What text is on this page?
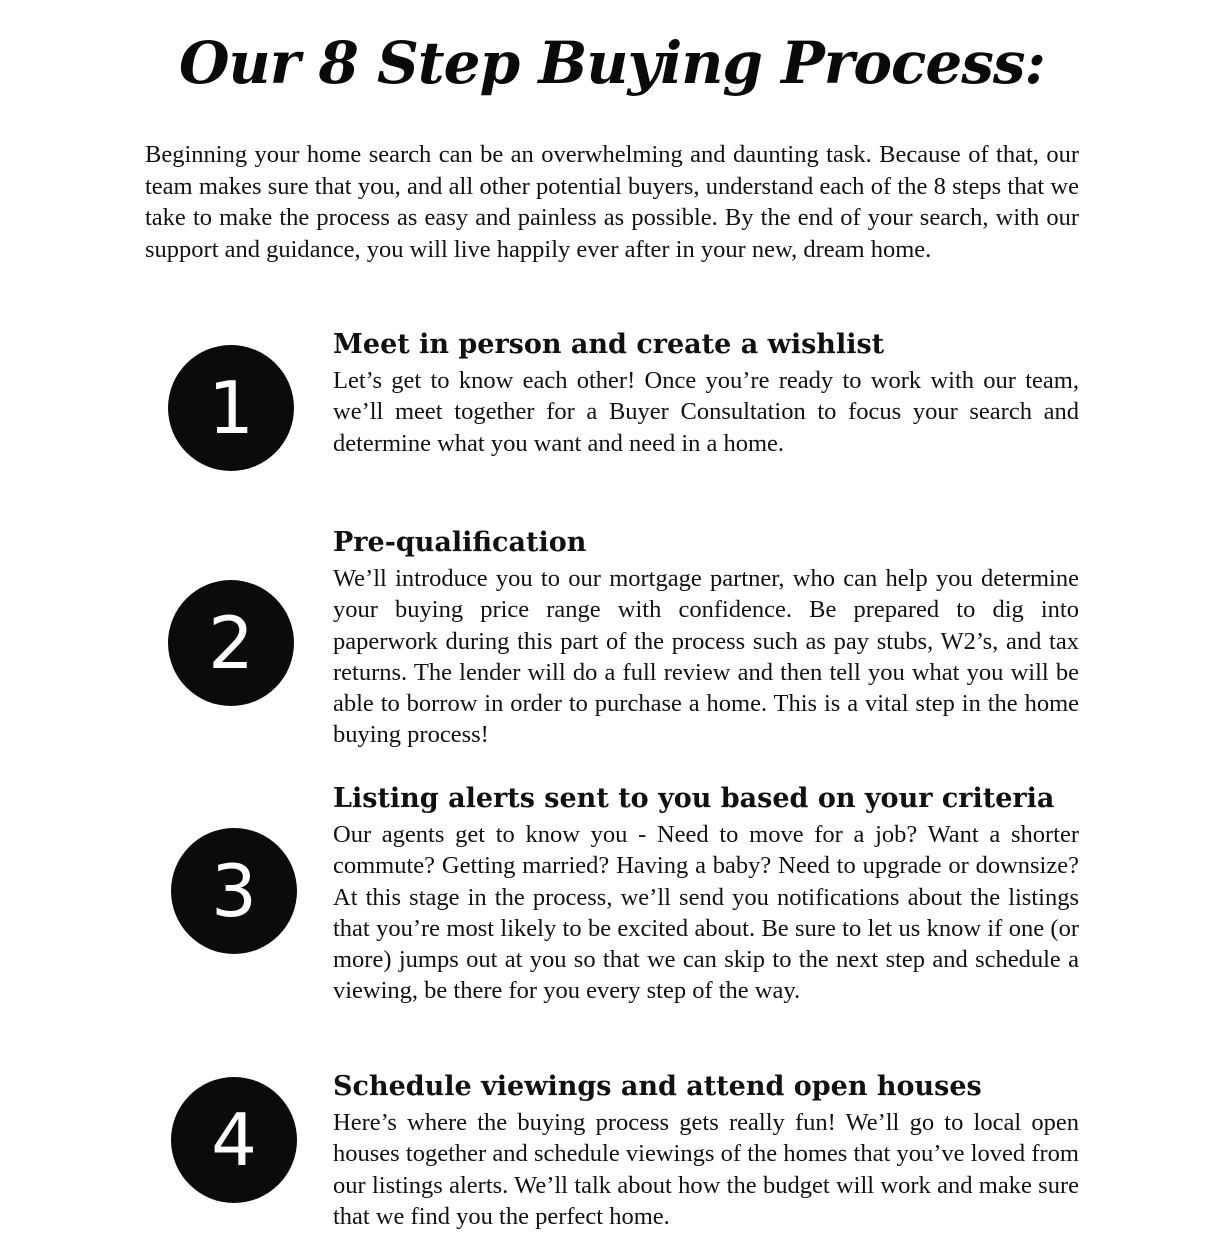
Our 8 Step Buying Process:

Beginning your home search can be an overwhelming and daunting task. Because of that, our team makes sure that you, and all other potential buyers, understand each of the 8 steps that we take to make the process as easy and painless as possible. By the end of your search, with our support and guidance, you will live happily ever after in your new, dream home.

1
Meet in person and create a wishlist

Let’s get to know each other! Once you’re ready to work with our team, we’ll meet together for a Buyer Consultation to focus your search and determine what you want and need in a home.

2
Pre-qualification

We’ll introduce you to our mortgage partner, who can help you determine your buying price range with confidence. Be prepared to dig into paperwork during this part of the process such as pay stubs, W2’s, and tax returns. The lender will do a full review and then tell you what you will be able to borrow in order to purchase a home. This is a vital step in the home buying process!

3
Listing alerts sent to you based on your criteria

Our agents get to know you - Need to move for a job? Want a shorter commute? Getting married? Having a baby? Need to upgrade or downsize? At this stage in the process, we’ll send you notifications about the listings that you’re most likely to be excited about. Be sure to let us know if one (or more) jumps out at you so that we can skip to the next step and schedule a viewing, be there for you every step of the way.

4
Schedule viewings and attend open houses

Here’s where the buying process gets really fun! We’ll go to local open houses together and schedule viewings of the homes that you’ve loved from our listings alerts. We’ll talk about how the budget will work and make sure that we find you the perfect home.
